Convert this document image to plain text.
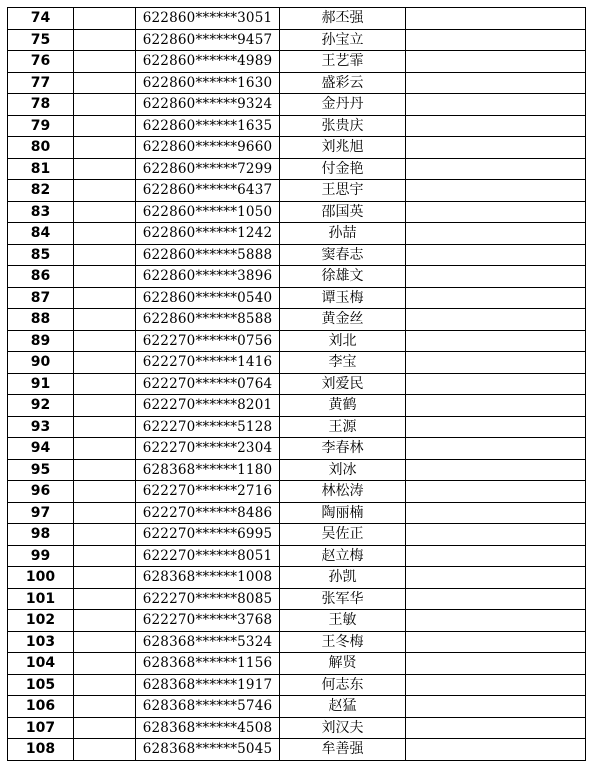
74		622860******3051	郝丕强	
75		622860******9457	孙宝立	
76		622860******4989	王艺霏	
77		622860******1630	盛彩云	
78		622860******9324	金丹丹	
79		622860******1635	张贵庆	
80		622860******9660	刘兆旭	
81		622860******7299	付金艳	
82		622860******6437	王思宇	
83		622860******1050	邵国英	
84		622860******1242	孙喆	
85		622860******5888	窦春志	
86		622860******3896	徐雄文	
87		622860******0540	谭玉梅	
88		622860******8588	黄金丝	
89		622270******0756	刘北	
90		622270******1416	李宝	
91		622270******0764	刘爱民	
92		622270******8201	黄鹤	
93		622270******5128	王源	
94		622270******2304	李春林	
95		628368******1180	刘冰	
96		622270******2716	林松涛	
97		622270******8486	陶丽楠	
98		622270******6995	吴佐正	
99		622270******8051	赵立梅	
100		628368******1008	孙凯	
101		622270******8085	张军华	
102		622270******3768	王敏	
103		628368******5324	王冬梅	
104		628368******1156	解贤	
105		628368******1917	何志东	
106		628368******5746	赵猛	
107		628368******4508	刘汉夫	
108		628368******5045	牟善强	
